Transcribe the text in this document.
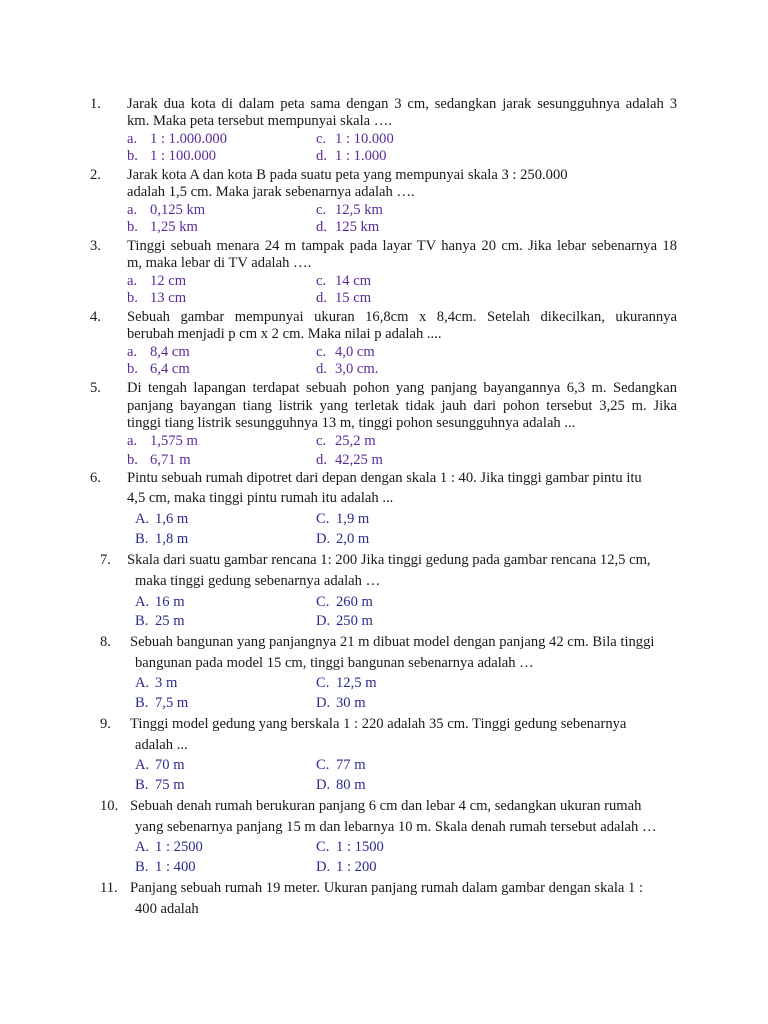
1. Jarak dua kota di dalam peta sama dengan 3 cm, sedangkan jarak sesungguhnya adalah 3
km. Maka peta tersebut mempunyai skala ….
a. 1 : 1.000.000	c. 1 : 10.000
b. 1 : 100.000	d. 1 : 1.000
2. Jarak kota A dan kota B pada suatu peta yang mempunyai skala 3 : 250.000
adalah 1,5 cm. Maka jarak sebenarnya adalah ….
a. 0,125 km	c. 12,5 km
b. 1,25 km	d. 125 km
3. Tinggi sebuah menara 24 m tampak pada layar TV hanya 20 cm. Jika lebar sebenarnya 18
m, maka lebar di TV adalah ….
a. 12 cm	c. 14 cm
b. 13 cm	d. 15 cm
4. Sebuah gambar mempunyai ukuran 16,8cm x 8,4cm. Setelah dikecilkan, ukurannya
berubah menjadi p cm x 2 cm. Maka nilai p adalah ....
a. 8,4 cm	c. 4,0 cm
b. 6,4 cm	d. 3,0 cm.
5. Di tengah lapangan terdapat sebuah pohon yang panjang bayangannya 6,3 m. Sedangkan
panjang bayangan tiang listrik yang terletak tidak jauh dari pohon tersebut 3,25 m. Jika
tinggi tiang listrik sesungguhnya 13 m, tinggi pohon sesungguhnya adalah ...
a. 1,575 m	c. 25,2 m
b. 6,71 m	d. 42,25 m
6. Pintu sebuah rumah dipotret dari depan dengan skala 1 : 40. Jika tinggi gambar pintu itu
4,5 cm, maka tinggi pintu rumah itu adalah ...
A. 1,6 m	C. 1,9 m
B. 1,8 m	D. 2,0 m
7. Skala dari suatu gambar rencana 1: 200 Jika tinggi gedung pada gambar rencana 12,5 cm,
maka tinggi gedung sebenarnya adalah …
A. 16 m	C. 260 m
B. 25 m	D. 250 m
8. Sebuah bangunan yang panjangnya 21 m dibuat model dengan panjang 42 cm. Bila tinggi
bangunan pada model 15 cm, tinggi bangunan sebenarnya adalah …
A. 3 m	C. 12,5 m
B. 7,5 m	D. 30 m
9. Tinggi model gedung yang berskala 1 : 220 adalah 35 cm. Tinggi gedung sebenarnya
adalah ...
A. 70 m	C. 77 m
B. 75 m	D. 80 m
10. Sebuah denah rumah berukuran panjang 6 cm dan lebar 4 cm, sedangkan ukuran rumah
yang sebenarnya panjang 15 m dan lebarnya 10 m. Skala denah rumah tersebut adalah …
A. 1 : 2500	C. 1 : 1500
B. 1 : 400	D. 1 : 200
11. Panjang sebuah rumah 19 meter. Ukuran panjang rumah dalam gambar dengan skala 1 :
400 adalah
